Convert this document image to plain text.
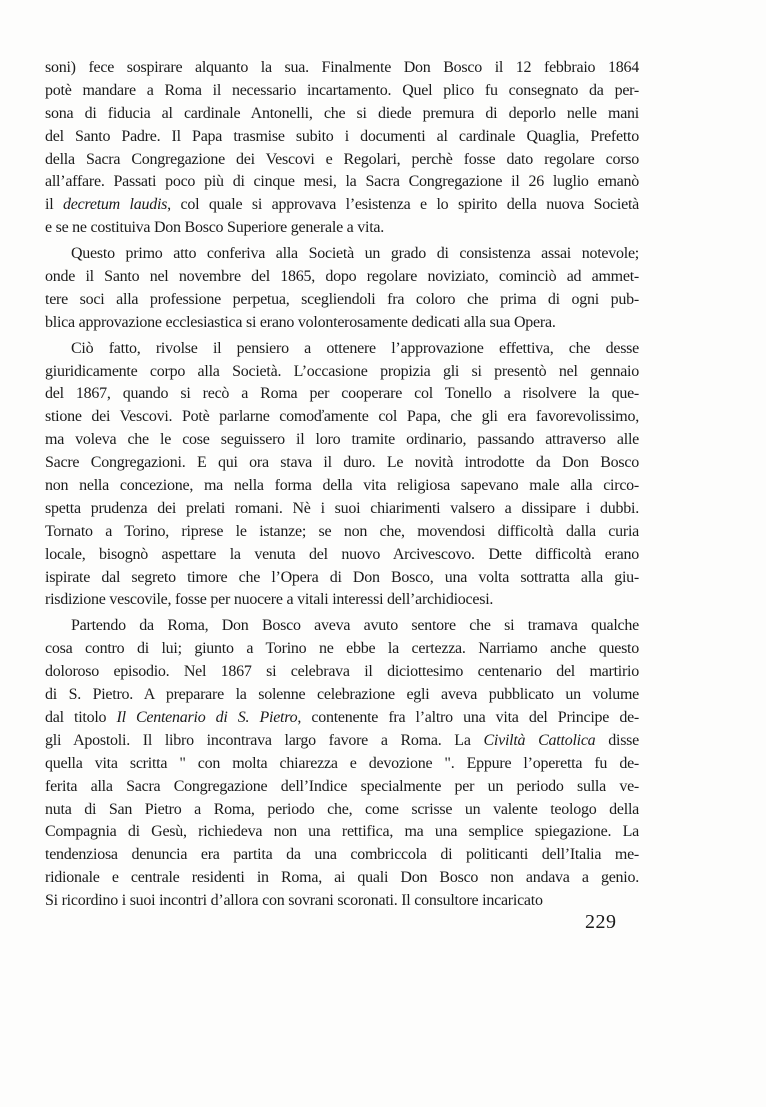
soni) fece sospirare alquanto la sua. Finalmente Don Bosco il 12 febbraio 1864
potè mandare a Roma il necessario incartamento. Quel plico fu consegnato da per-
sona di fiducia al cardinale Antonelli, che si diede premura di deporlo nelle mani
del Santo Padre. Il Papa trasmise subito i documenti al cardinale Quaglia, Prefetto
della Sacra Congregazione dei Vescovi e Regolari, perchè fosse dato regolare corso
all’affare. Passati poco più di cinque mesi, la Sacra Congregazione il 26 luglio emanò
il decretum laudis, col quale si approvava l’esistenza e lo spirito della nuova Società
e se ne costituiva Don Bosco Superiore generale a vita.
Questo primo atto conferiva alla Società un grado di consistenza assai notevole;
onde il Santo nel novembre del 1865, dopo regolare noviziato, cominciò ad ammet-
tere soci alla professione perpetua, scegliendoli fra coloro che prima di ogni pub-
blica approvazione ecclesiastica si erano volonterosamente dedicati alla sua Opera.
Ciò fatto, rivolse il pensiero a ottenere l’approvazione effettiva, che desse
giuridicamente corpo alla Società. L’occasione propizia gli si presentò nel gennaio
del 1867, quando si recò a Roma per cooperare col Tonello a risolvere la que-
stione dei Vescovi. Potè parlarne comoďamente col Papa, che gli era favorevolissimo,
ma voleva che le cose seguissero il loro tramite ordinario, passando attraverso alle
Sacre Congregazioni. E qui ora stava il duro. Le novità introdotte da Don Bosco
non nella concezione, ma nella forma della vita religiosa sapevano male alla circo-
spetta prudenza dei prelati romani. Nè i suoi chiarimenti valsero a dissipare i dubbi.
Tornato a Torino, riprese le istanze; se non che, movendosi difficoltà dalla curia
locale, bisognò aspettare la venuta del nuovo Arcivescovo. Dette difficoltà erano
ispirate dal segreto timore che l’Opera di Don Bosco, una volta sottratta alla giu-
risdizione vescovile, fosse per nuocere a vitali interessi dell’archidiocesi.
Partendo da Roma, Don Bosco aveva avuto sentore che si tramava qualche
cosa contro di lui; giunto a Torino ne ebbe la certezza. Narriamo anche questo
doloroso episodio. Nel 1867 si celebrava il diciottesimo centenario del martirio
di S. Pietro. A preparare la solenne celebrazione egli aveva pubblicato un volume
dal titolo Il Centenario di S. Pietro, contenente fra l’altro una vita del Principe de-
gli Apostoli. Il libro incontrava largo favore a Roma. La Civiltà Cattolica disse
quella vita scritta " con molta chiarezza e devozione ". Eppure l’operetta fu de-
ferita alla Sacra Congregazione dell’Indice specialmente per un periodo sulla ve-
nuta di San Pietro a Roma, periodo che, come scrisse un valente teologo della
Compagnia di Gesù, richiedeva non una rettifica, ma una semplice spiegazione. La
tendenziosa denuncia era partita da una combriccola di politicanti dell’Italia me-
ridionale e centrale residenti in Roma, ai quali Don Bosco non andava a genio.
Si ricordino i suoi incontri d’allora con sovrani scoronati. Il consultore incaricato
229
